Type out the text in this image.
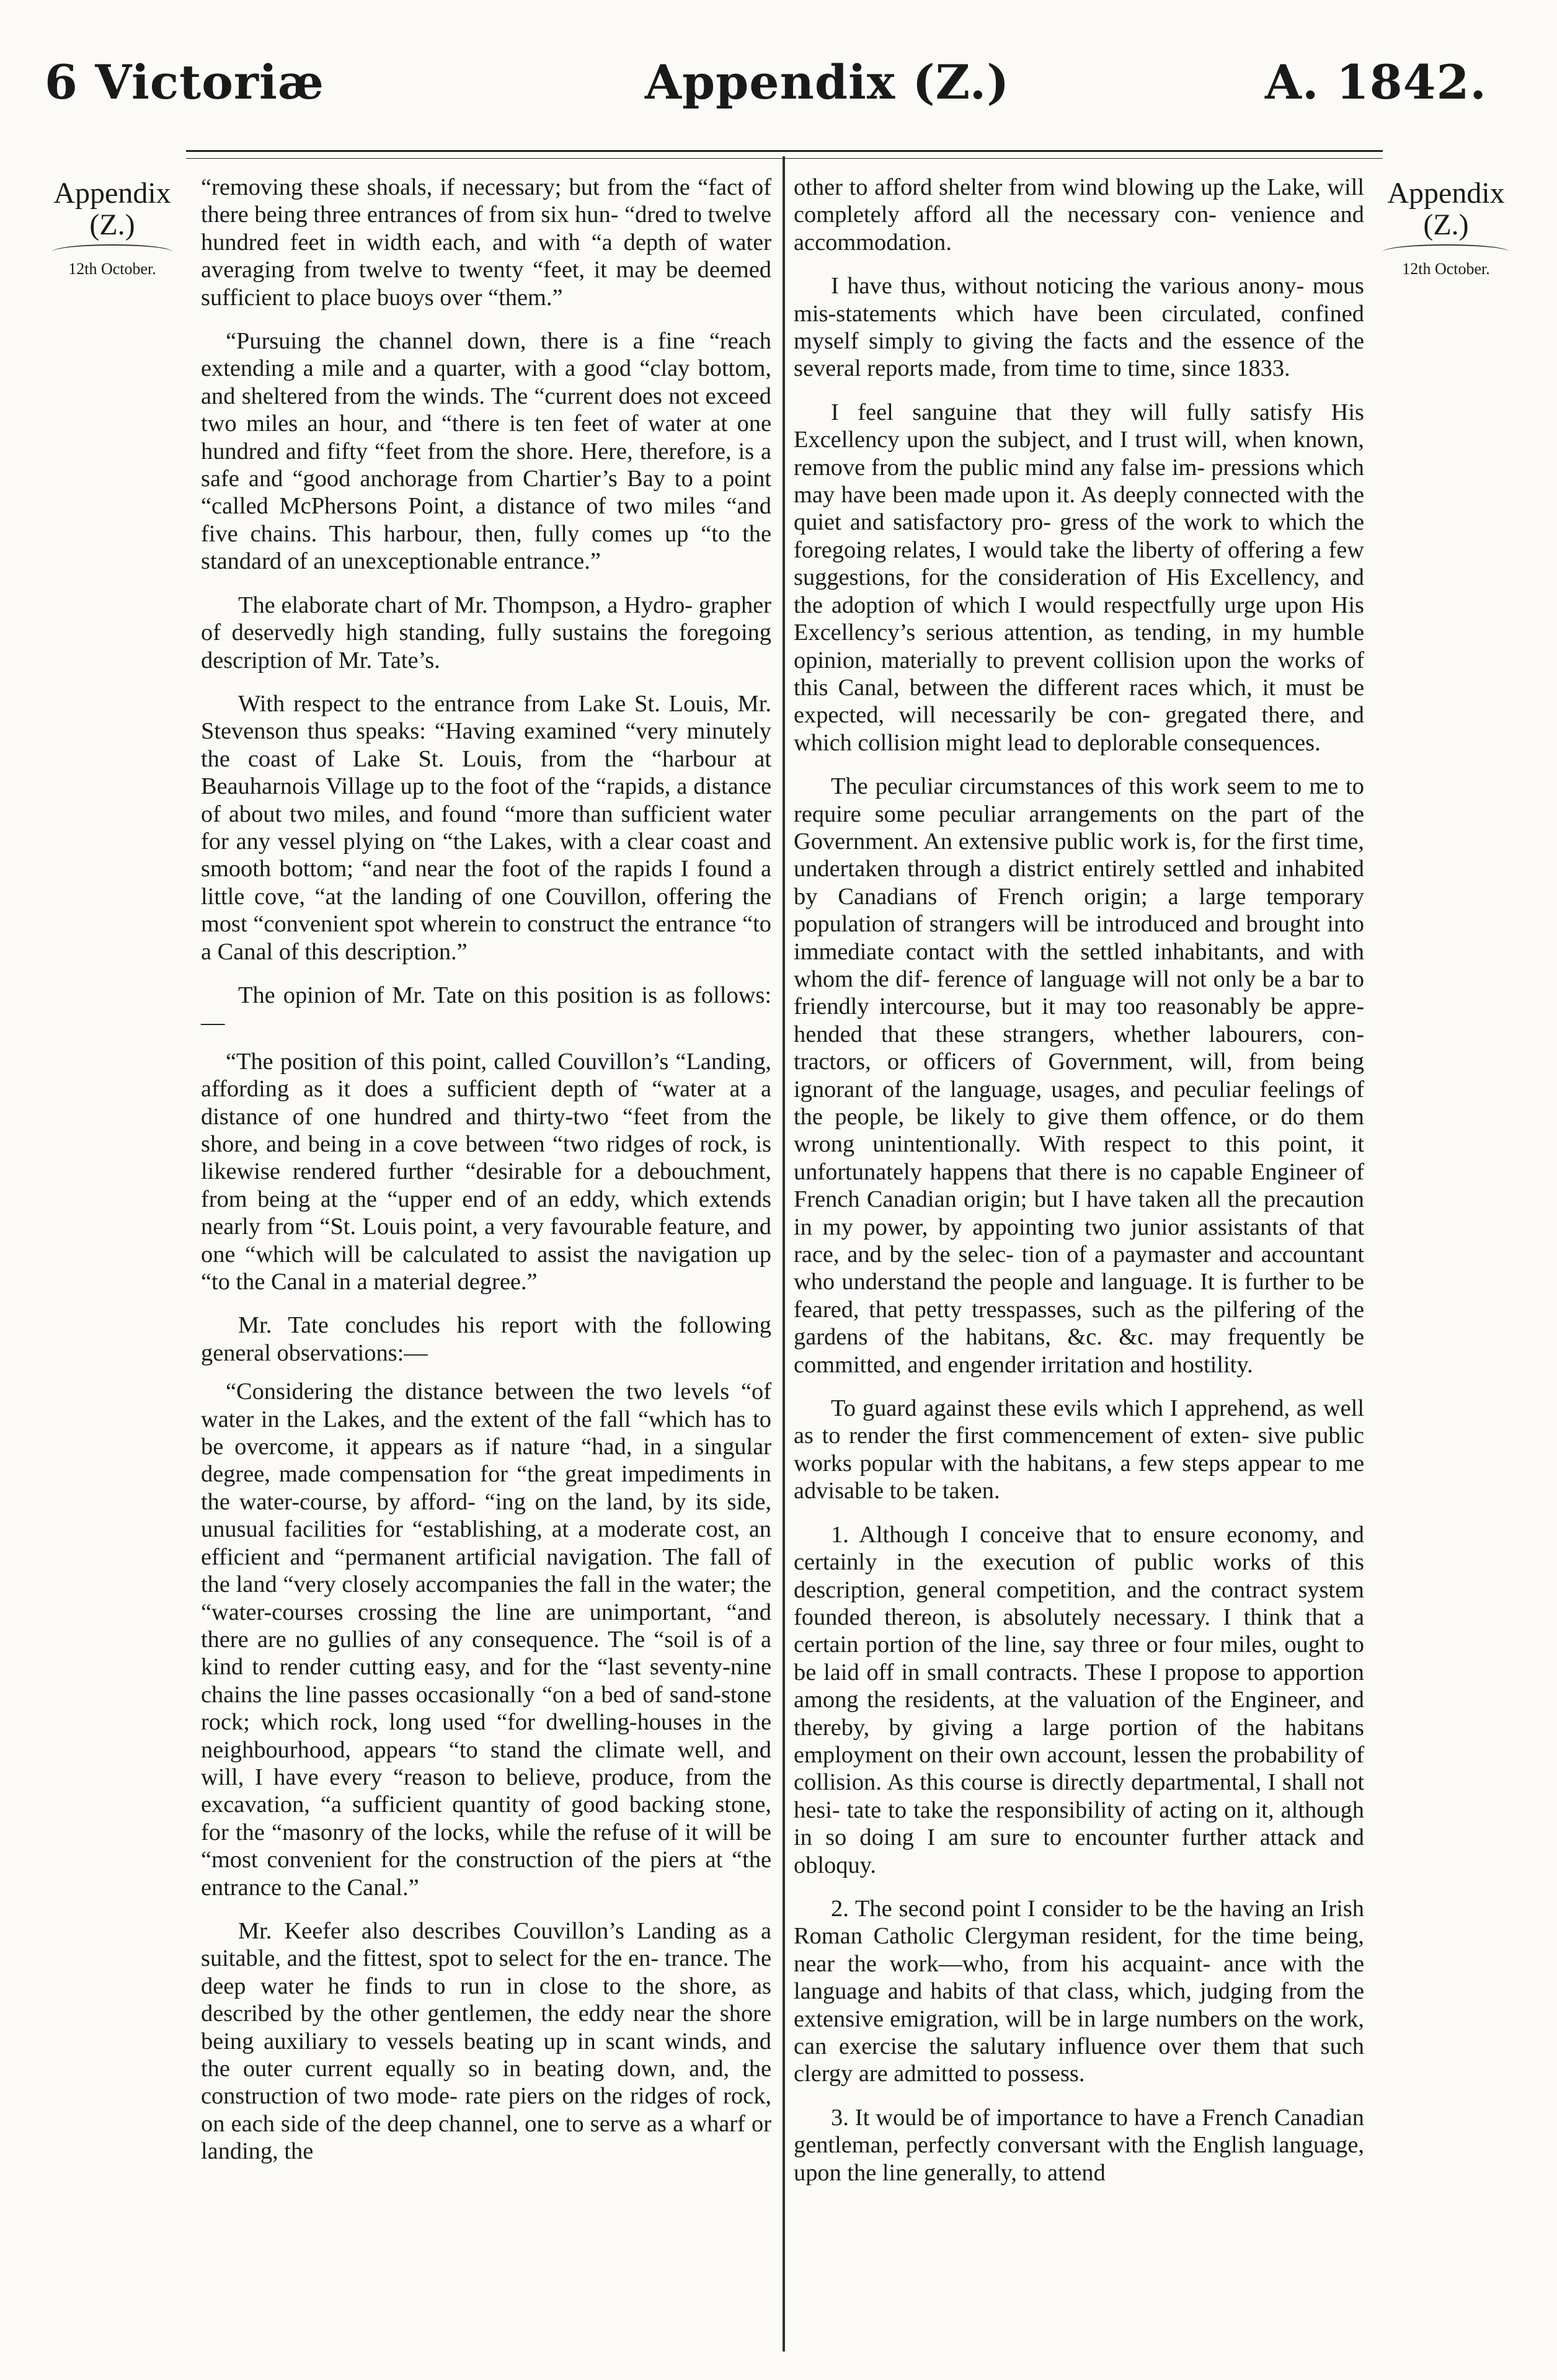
6 Victoriæ	Appendix (Z.)	A. 1842.
Appendix
(Z.)
12th October.
Appendix
(Z.)
12th October.

“removing these shoals, if necessary; but from the “fact of there being three entrances of from six hun- “dred to twelve hundred feet in width each, and with “a depth of water averaging from twelve to twenty “feet, it may be deemed sufficient to place buoys over “them.”

“Pursuing the channel down, there is a fine “reach extending a mile and a quarter, with a good “clay bottom, and sheltered from the winds. The “current does not exceed two miles an hour, and “there is ten feet of water at one hundred and fifty “feet from the shore. Here, therefore, is a safe and “good anchorage from Chartier’s Bay to a point “called McPhersons Point, a distance of two miles “and five chains. This harbour, then, fully comes up “to the standard of an unexceptionable entrance.”

The elaborate chart of Mr. Thompson, a Hydro- grapher of deservedly high standing, fully sustains the foregoing description of Mr. Tate’s.

With respect to the entrance from Lake St. Louis, Mr. Stevenson thus speaks: “Having examined “very minutely the coast of Lake St. Louis, from the “harbour at Beauharnois Village up to the foot of the “rapids, a distance of about two miles, and found “more than sufficient water for any vessel plying on “the Lakes, with a clear coast and smooth bottom; “and near the foot of the rapids I found a little cove, “at the landing of one Couvillon, offering the most “convenient spot wherein to construct the entrance “to a Canal of this description.”

The opinion of Mr. Tate on this position is as follows:—

“The position of this point, called Couvillon’s “Landing, affording as it does a sufficient depth of “water at a distance of one hundred and thirty-two “feet from the shore, and being in a cove between “two ridges of rock, is likewise rendered further “desirable for a debouchment, from being at the “upper end of an eddy, which extends nearly from “St. Louis point, a very favourable feature, and one “which will be calculated to assist the navigation up “to the Canal in a material degree.”

Mr. Tate concludes his report with the following general observations:—

“Considering the distance between the two levels “of water in the Lakes, and the extent of the fall “which has to be overcome, it appears as if nature “had, in a singular degree, made compensation for “the great impediments in the water-course, by afford- “ing on the land, by its side, unusual facilities for “establishing, at a moderate cost, an efficient and “permanent artificial navigation. The fall of the land “very closely accompanies the fall in the water; the “water-courses crossing the line are unimportant, “and there are no gullies of any consequence. The “soil is of a kind to render cutting easy, and for the “last seventy-nine chains the line passes occasionally “on a bed of sand-stone rock; which rock, long used “for dwelling-houses in the neighbourhood, appears “to stand the climate well, and will, I have every “reason to believe, produce, from the excavation, “a sufficient quantity of good backing stone, for the “masonry of the locks, while the refuse of it will be “most convenient for the construction of the piers at “the entrance to the Canal.”

Mr. Keefer also describes Couvillon’s Landing as a suitable, and the fittest, spot to select for the en- trance. The deep water he finds to run in close to the shore, as described by the other gentlemen, the eddy near the shore being auxiliary to vessels beating up in scant winds, and the outer current equally so in beating down, and, the construction of two mode- rate piers on the ridges of rock, on each side of the deep channel, one to serve as a wharf or landing, the

other to afford shelter from wind blowing up the Lake, will completely afford all the necessary con- venience and accommodation.

I have thus, without noticing the various anony- mous mis-statements which have been circulated, confined myself simply to giving the facts and the essence of the several reports made, from time to time, since 1833.

I feel sanguine that they will fully satisfy His Excellency upon the subject, and I trust will, when known, remove from the public mind any false im- pressions which may have been made upon it. As deeply connected with the quiet and satisfactory pro- gress of the work to which the foregoing relates, I would take the liberty of offering a few suggestions, for the consideration of His Excellency, and the adoption of which I would respectfully urge upon His Excellency’s serious attention, as tending, in my humble opinion, materially to prevent collision upon the works of this Canal, between the different races which, it must be expected, will necessarily be con- gregated there, and which collision might lead to deplorable consequences.

The peculiar circumstances of this work seem to me to require some peculiar arrangements on the part of the Government. An extensive public work is, for the first time, undertaken through a district entirely settled and inhabited by Canadians of French origin; a large temporary population of strangers will be introduced and brought into immediate contact with the settled inhabitants, and with whom the dif- ference of language will not only be a bar to friendly intercourse, but it may too reasonably be appre- hended that these strangers, whether labourers, con- tractors, or officers of Government, will, from being ignorant of the language, usages, and peculiar feelings of the people, be likely to give them offence, or do them wrong unintentionally. With respect to this point, it unfortunately happens that there is no capable Engineer of French Canadian origin; but I have taken all the precaution in my power, by appointing two junior assistants of that race, and by the selec- tion of a paymaster and accountant who understand the people and language. It is further to be feared, that petty tresspasses, such as the pilfering of the gardens of the habitans, &c. &c. may frequently be committed, and engender irritation and hostility.

To guard against these evils which I apprehend, as well as to render the first commencement of exten- sive public works popular with the habitans, a few steps appear to me advisable to be taken.

1. Although I conceive that to ensure economy, and certainly in the execution of public works of this description, general competition, and the contract system founded thereon, is absolutely necessary. I think that a certain portion of the line, say three or four miles, ought to be laid off in small contracts. These I propose to apportion among the residents, at the valuation of the Engineer, and thereby, by giving a large portion of the habitans employment on their own account, lessen the probability of collision. As this course is directly departmental, I shall not hesi- tate to take the responsibility of acting on it, although in so doing I am sure to encounter further attack and obloquy.

2. The second point I consider to be the having an Irish Roman Catholic Clergyman resident, for the time being, near the work—who, from his acquaint- ance with the language and habits of that class, which, judging from the extensive emigration, will be in large numbers on the work, can exercise the salutary influence over them that such clergy are admitted to possess.

3. It would be of importance to have a French Canadian gentleman, perfectly conversant with the English language, upon the line generally, to attend
